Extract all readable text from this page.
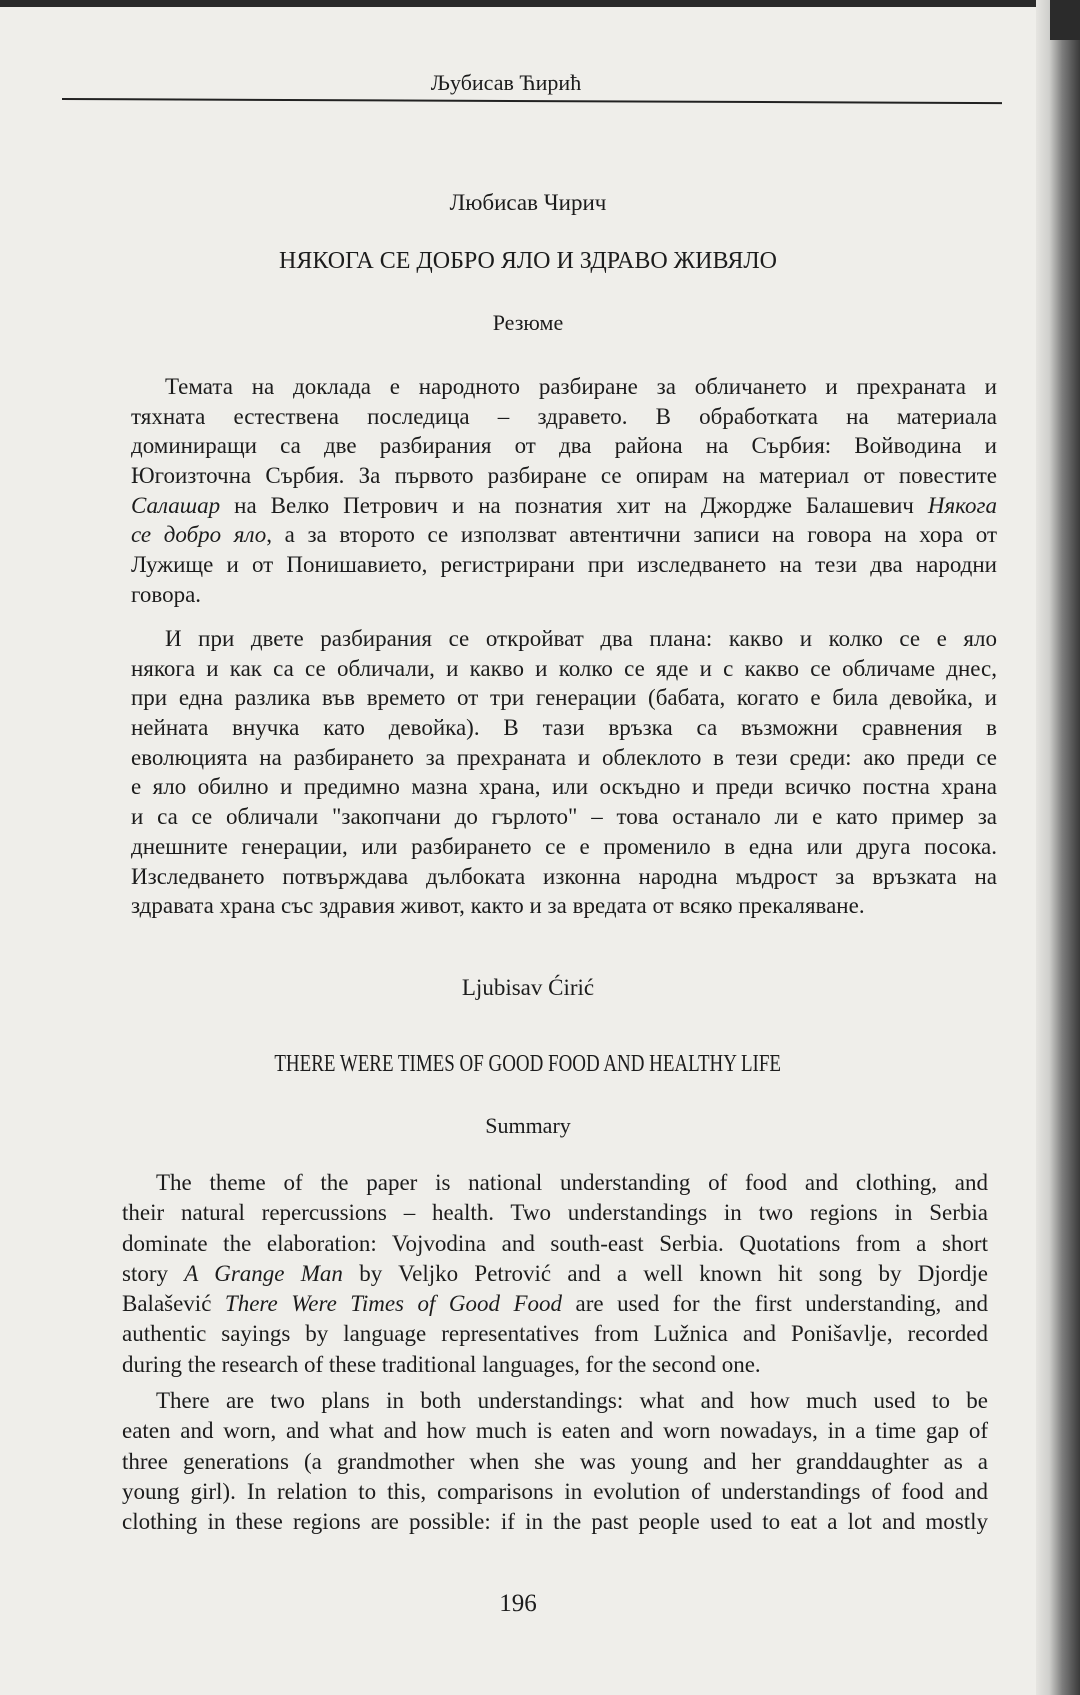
Љубисав Ћирић
Любисав Чирич
НЯКОГА СЕ ДОБРО ЯЛО И ЗДРАВО ЖИВЯЛО
Резюме
Темата на доклада е народното разбиране за обличането и прехраната и
тяхната естествена последица – здравето. В обработката на материала
доминиращи са две разбирания от два района на Сърбия: Войводина и
Югоизточна Сърбия. За първото разбиране се опирам на материал от повестите
Салашар на Велко Петрович и на познатия хит на Джордже Балашевич Някога
се добро яло, а за второто се използват автентични записи на говора на хора от
Лужище и от Понишавието, регистрирани при изследването на тези два народни
говора.
И при двете разбирания се откройват два плана: какво и колко се е яло
някога и как са се обличали, и какво и колко се яде и с какво се обличаме днес,
при една разлика във времето от три генерации (бабата, когато е била девойка, и
нейната внучка като девойка). В тази връзка са възможни сравнения в
еволюцията на разбирането за прехраната и облеклото в тези среди: ако преди се
е яло обилно и предимно мазна храна, или оскъдно и преди всичко постна храна
и са се обличали "закопчани до гърлото" – това останало ли е като пример за
днешните генерации, или разбирането се е променило в една или друга посока.
Изследването потвърждава дълбоката изконна народна мъдрост за връзката на
здравата храна със здравия живот, както и за вредата от всяко прекаляване.
Ljubisav Ćirić
THERE WERE TIMES OF GOOD FOOD AND HEALTHY LIFE
Summary
The theme of the paper is national understanding of food and clothing, and
their natural repercussions – health. Two understandings in two regions in Serbia
dominate the elaboration: Vojvodina and south-east Serbia. Quotations from a short
story A Grange Man by Veljko Petrović and a well known hit song by Djordje
Balašević There Were Times of Good Food are used for the first understanding, and
authentic sayings by language representatives from Lužnica and Ponišavlje, recorded
during the research of these traditional languages, for the second one.
There are two plans in both understandings: what and how much used to be
eaten and worn, and what and how much is eaten and worn nowadays, in a time gap of
three generations (a grandmother when she was young and her granddaughter as a
young girl). In relation to this, comparisons in evolution of understandings of food and
clothing in these regions are possible: if in the past people used to eat a lot and mostly
196
